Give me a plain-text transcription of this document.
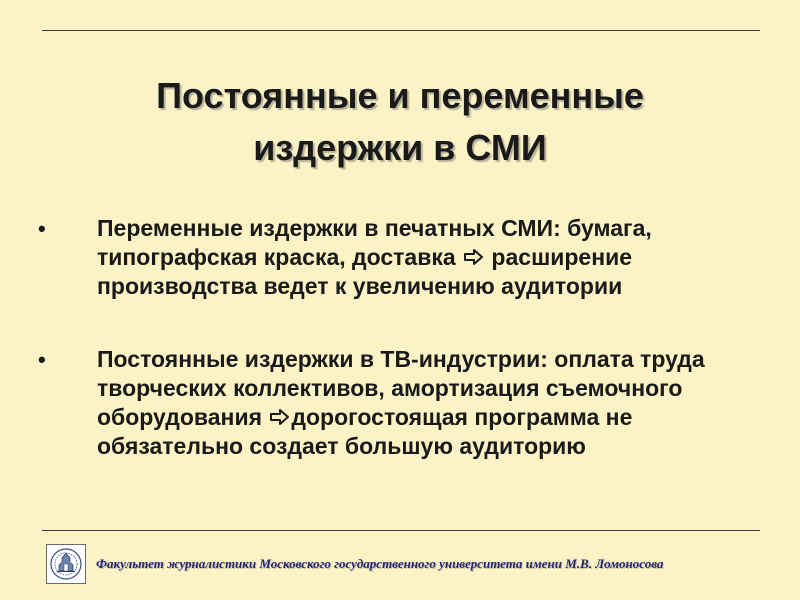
Постоянные и переменные
издержки в СМИ
• Переменные издержки в печатных СМИ: бумага, типографская краска, доставка
расширение производства ведет к увеличению аудитории
• Постоянные издержки в ТВ-индустрии: оплата труда творческих коллективов, амортизация съемочного оборудования
дорогостоящая программа не обязательно создает большую аудиторию
Факультет журналистики Московского государственного университета имени М.В. Ломоносова
